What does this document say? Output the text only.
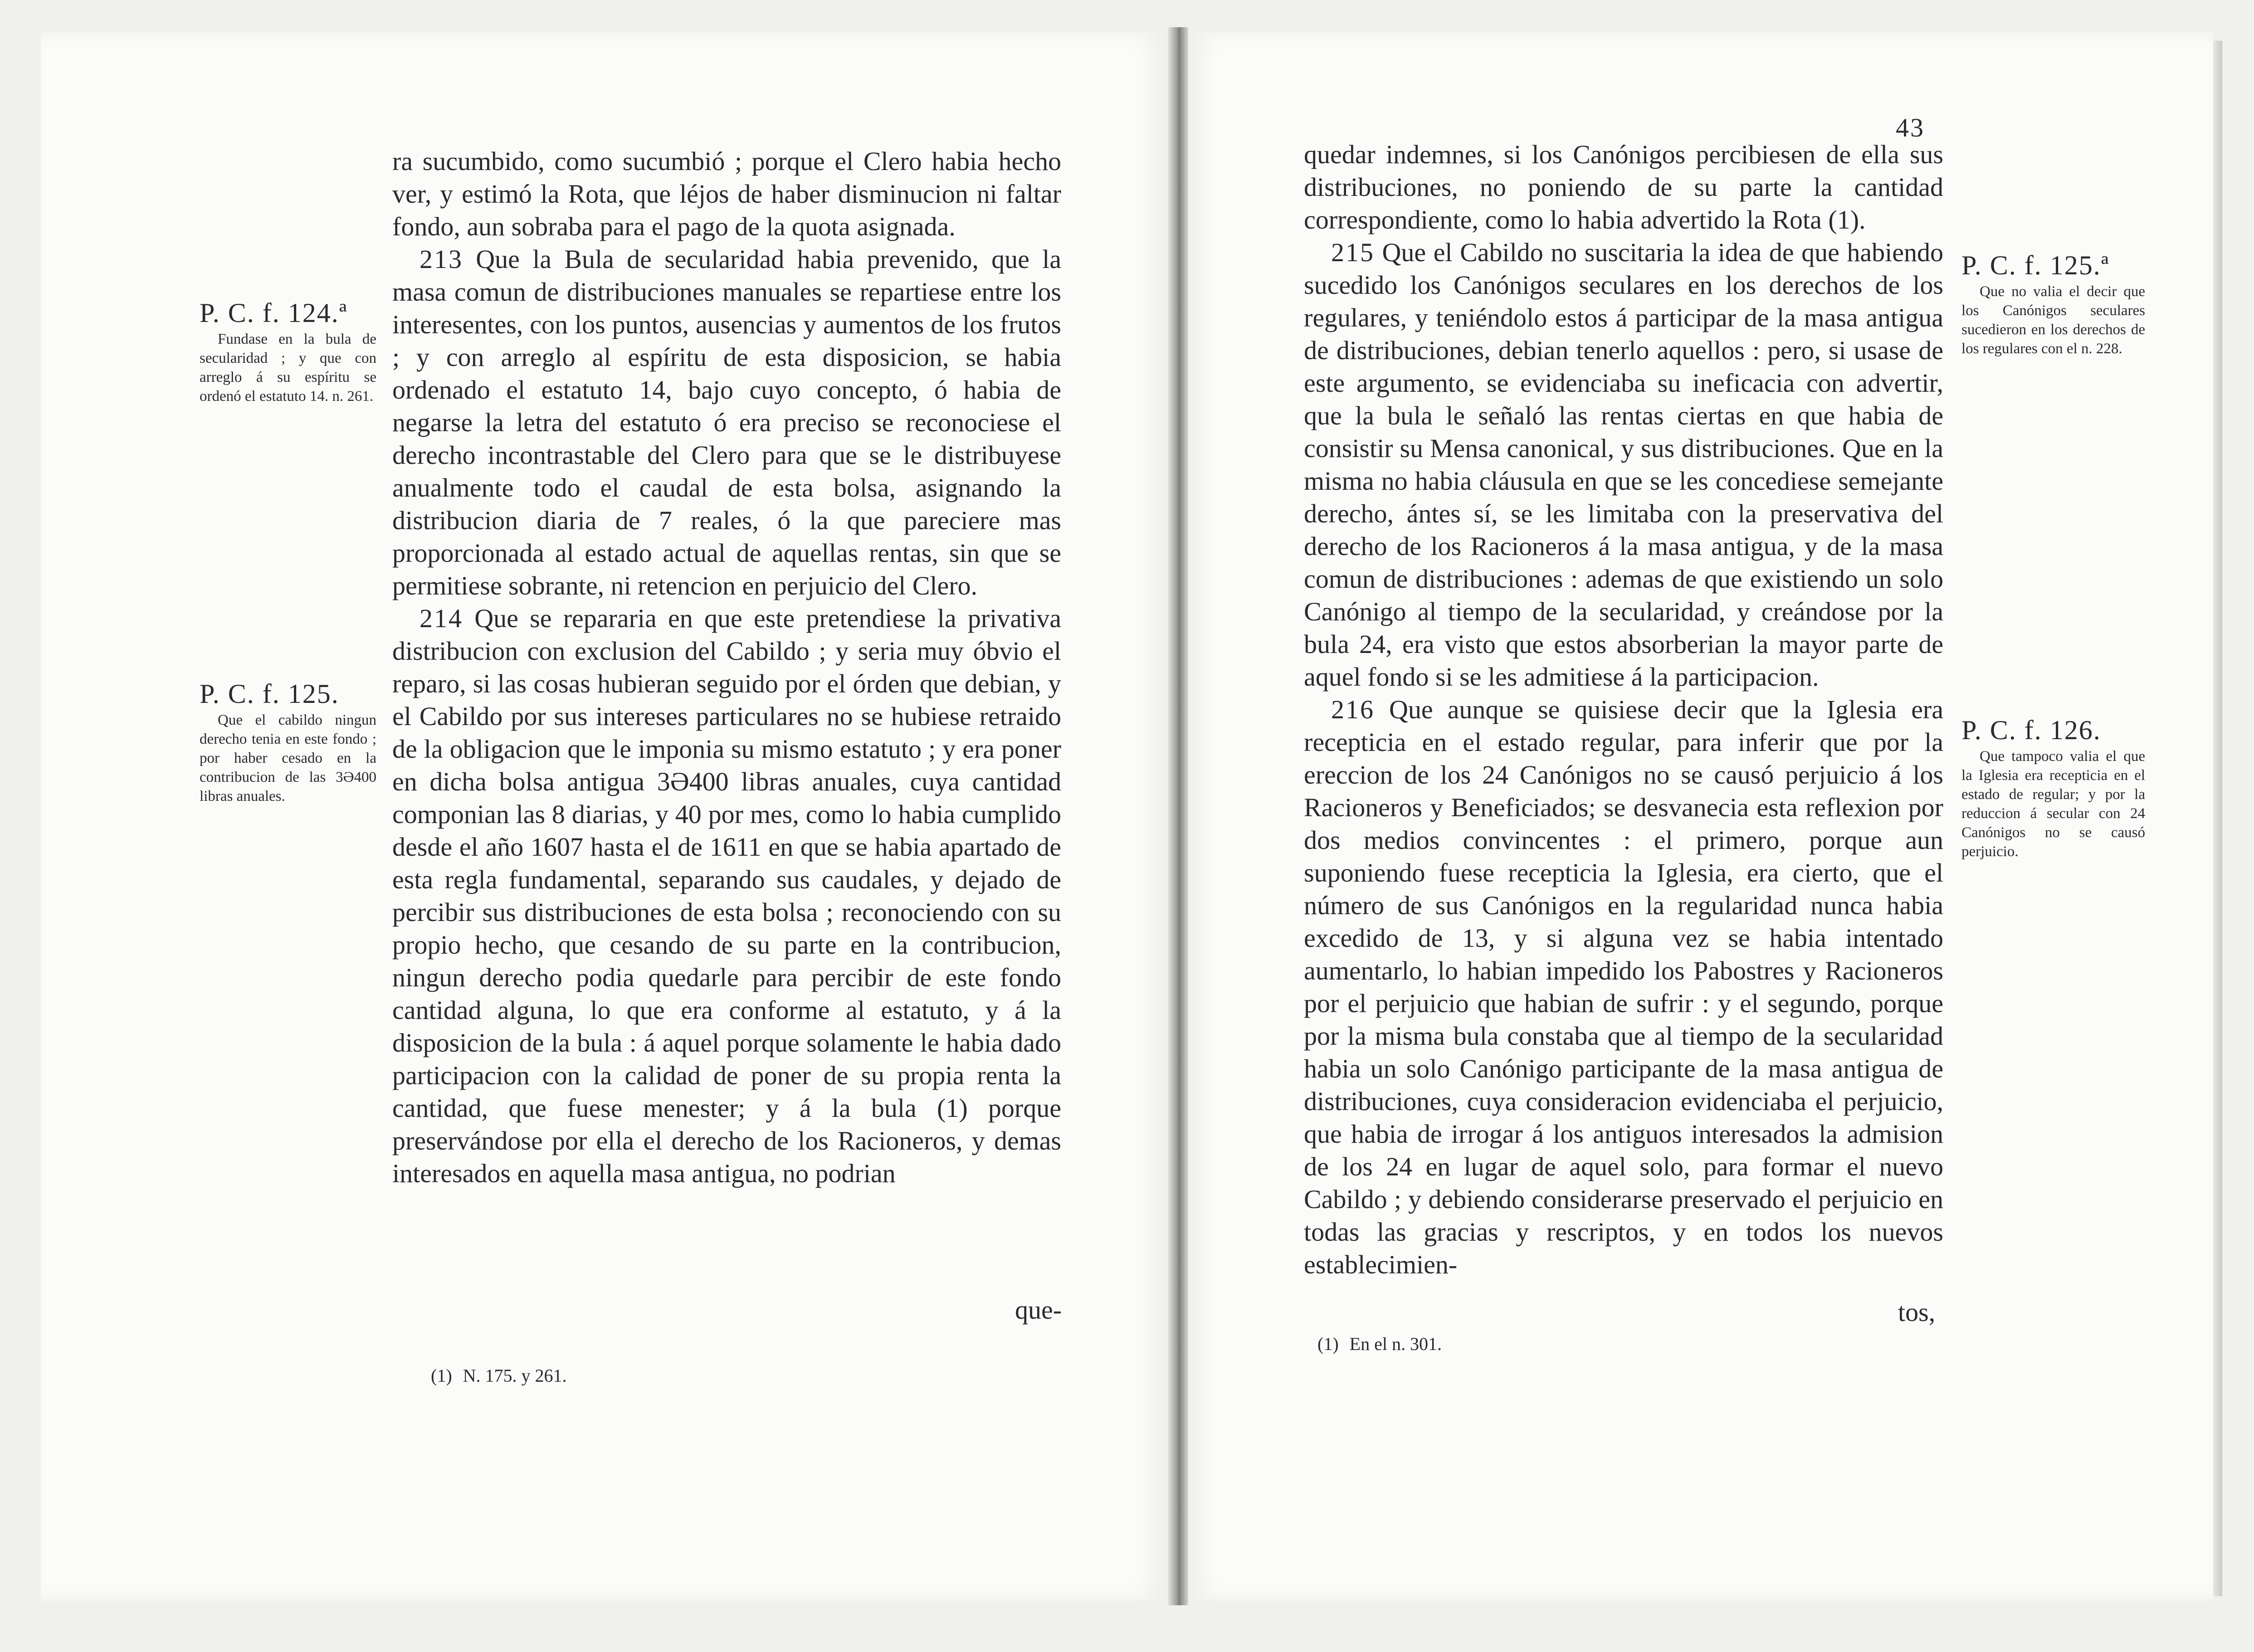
P. C. f. 124.ª
Fundase en la bula de secularidad ; y que con arreglo á su espíritu se ordenó el estatuto 14. n. 261.
P. C. f. 125.
Que el cabildo ningun derecho tenia en este fondo ; por haber cesado en la contribucion de las 3Ə400 libras anuales.

ra sucumbido, como sucumbió ; porque el Clero habia hecho ver, y estimó la Rota, que léjos de haber disminucion ni faltar fondo, aun sobraba para el pago de la quota asignada.

213 Que la Bula de secularidad habia prevenido, que la masa comun de distribuciones manuales se repartiese entre los interesentes, con los puntos, ausencias y aumentos de los frutos ; y con arreglo al espíritu de esta disposicion, se habia ordenado el estatuto 14, bajo cuyo concepto, ó habia de negarse la letra del estatuto ó era preciso se reconociese el derecho incontrastable del Clero para que se le distribuyese anualmente todo el caudal de esta bolsa, asignando la distribucion diaria de 7 reales, ó la que pareciere mas proporcionada al estado actual de aquellas rentas, sin que se permitiese sobrante, ni retencion en perjuicio del Clero.

214 Que se repararia en que este pretendiese la privativa distribucion con exclusion del Cabildo ; y seria muy óbvio el reparo, si las cosas hubieran seguido por el órden que debian, y el Cabildo por sus intereses particulares no se hubiese retraido de la obligacion que le imponia su mismo estatuto ; y era poner en dicha bolsa antigua 3Ə400 libras anuales, cuya cantidad componian las 8 diarias, y 40 por mes, como lo habia cumplido desde el año 1607 hasta el de 1611 en que se habia apartado de esta regla fundamental, separando sus caudales, y dejado de percibir sus distribuciones de esta bolsa ; reconociendo con su propio hecho, que cesando de su parte en la contribucion, ningun derecho podia quedarle para percibir de este fondo cantidad alguna, lo que era conforme al estatuto, y á la disposicion de la bula : á aquel porque solamente le habia dado participacion con la calidad de poner de su propia renta la cantidad, que fuese menester; y á la bula (1) porque preservándose por ella el derecho de los Racioneros, y demas interesados en aquella masa antigua, no podrian

que-
(1) N. 175. y 261.
43

quedar indemnes, si los Canónigos percibiesen de ella sus distribuciones, no poniendo de su parte la cantidad correspondiente, como lo habia advertido la Rota (1).

215 Que el Cabildo no suscitaria la idea de que habiendo sucedido los Canónigos seculares en los derechos de los regulares, y teniéndolo estos á participar de la masa antigua de distribuciones, debian tenerlo aquellos : pero, si usase de este argumento, se evidenciaba su ineficacia con advertir, que la bula le señaló las rentas ciertas en que habia de consistir su Mensa canonical, y sus distribuciones. Que en la misma no habia cláusula en que se les concediese semejante derecho, ántes sí, se les limitaba con la preservativa del derecho de los Racioneros á la masa antigua, y de la masa comun de distribuciones : ademas de que existiendo un solo Canónigo al tiempo de la secularidad, y creándose por la bula 24, era visto que estos absorberian la mayor parte de aquel fondo si se les admitiese á la participacion.

216 Que aunque se quisiese decir que la Iglesia era recepticia en el estado regular, para inferir que por la ereccion de los 24 Canónigos no se causó perjuicio á los Racioneros y Beneficiados; se desvanecia esta reflexion por dos medios convincentes : el primero, porque aun suponiendo fuese recepticia la Iglesia, era cierto, que el número de sus Canónigos en la regularidad nunca habia excedido de 13, y si alguna vez se habia intentado aumentarlo, lo habian impedido los Pabostres y Racioneros por el perjuicio que habian de sufrir : y el segundo, porque por la misma bula constaba que al tiempo de la secularidad habia un solo Canónigo participante de la masa antigua de distribuciones, cuya consideracion evidenciaba el perjuicio, que habia de irrogar á los antiguos interesados la admision de los 24 en lugar de aquel solo, para formar el nuevo Cabildo ; y debiendo considerarse preservado el perjuicio en todas las gracias y rescriptos, y en todos los nuevos establecimien-

tos,
(1) En el n. 301.
P. C. f. 125.ª
Que no valia el decir que los Canónigos seculares sucedieron en los derechos de los regulares con el n. 228.
P. C. f. 126.
Que tampoco valia el que la Iglesia era recepticia en el estado de regular; y por la reduccion á secular con 24 Canónigos no se causó perjuicio.
